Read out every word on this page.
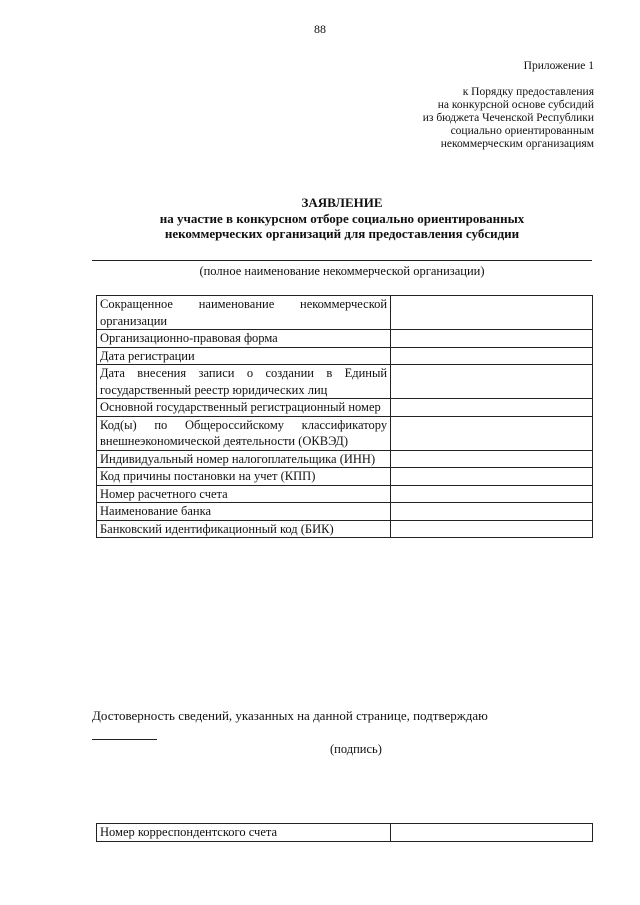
88
Приложение 1
к Порядку предоставления
на конкурсной основе субсидий
из бюджета Чеченской Республики
социально ориентированным
некоммерческим организациям
ЗАЯВЛЕНИЕ
на участие в конкурсном отборе социально ориентированных
некоммерческих организаций для предоставления субсидии
(полное наименование некоммерческой организации)
Сокращенное наименование некоммерческой организации	
Организационно-правовая форма	
Дата регистрации	
Дата внесения записи о создании в Единый государственный реестр юридических лиц	
Основной государственный регистрационный номер	
Код(ы) по Общероссийскому классификатору внешнеэкономической деятельности (ОКВЭД)	
Индивидуальный номер налогоплательщика (ИНН)	
Код причины постановки на учет (КПП)	
Номер расчетного счета	
Наименование банка	
Банковский идентификационный код (БИК)	
Достоверность сведений, указанных на данной странице, подтверждаю
(подпись)
Номер корреспондентского счета	
